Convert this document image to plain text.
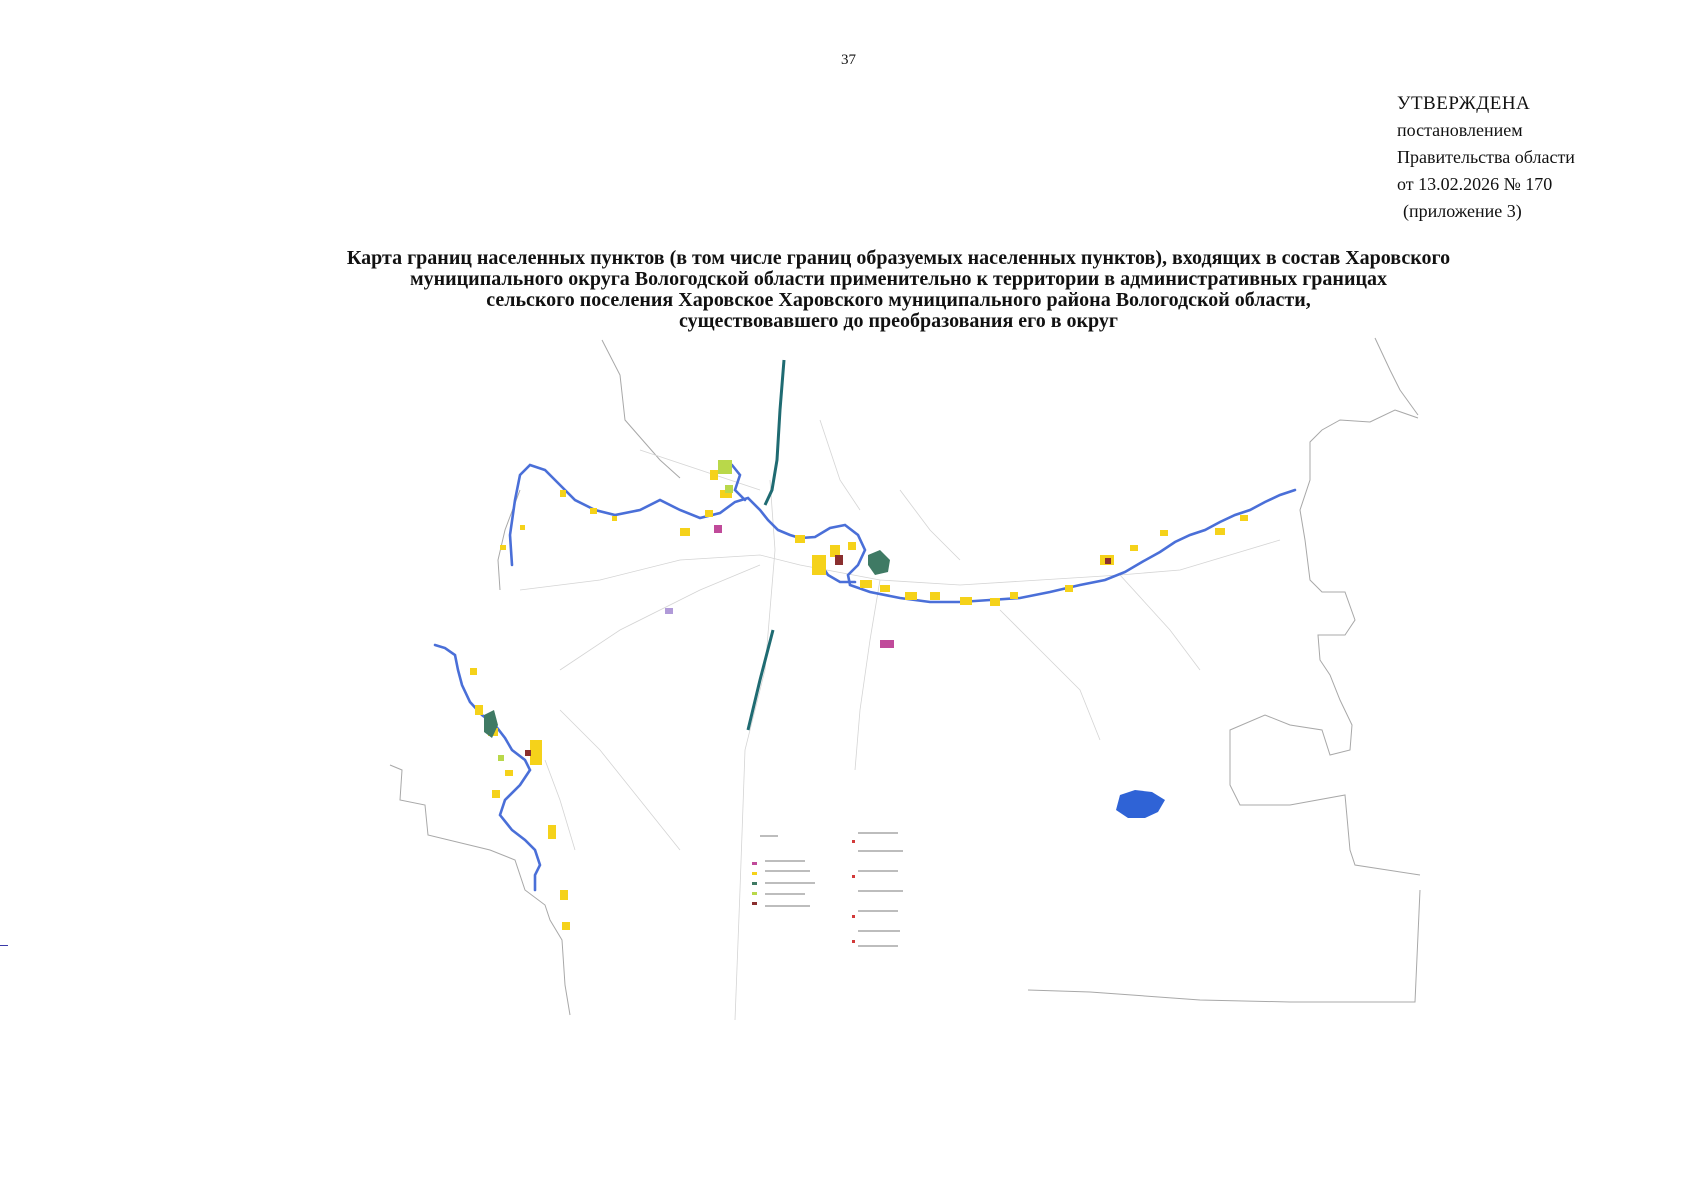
37
УТВЕРЖДЕНА
постановлением
Правительства области
от 13.02.2026 № 170
(приложение 3)
Карта границ населенных пунктов (в том числе границ образуемых населенных пунктов), входящих в состав Харовского
муниципального округа Вологодской области применительно к территории в административных границах
сельского поселения Харовское Харовского муниципального района Вологодской области,
существовавшего до преобразования его в округ
